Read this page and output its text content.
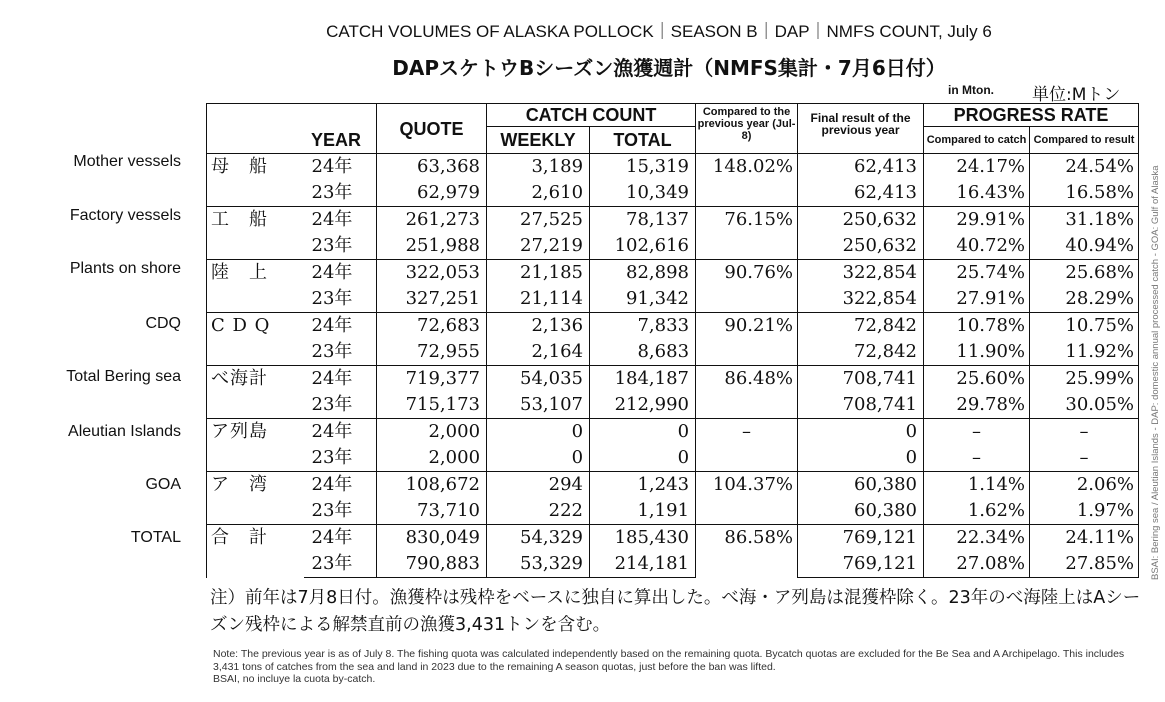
CATCH VOLUMES OF ALASKA POLLOCK｜SEASON B｜DAP｜NMFS COUNT, July 6
DAPスケトウBシーズン漁獲週計（NMFS集計・7月6日付）
in Mton. 単位:Mトン
Mother vessels
Factory vessels
Plants on shore
CDQ
Total Bering sea
Aleutian Islands
GOA
TOTAL
YEAR		QUOTE	CATCH COUNT		Compared to the previous year (Jul-8)	Final result of the previous year	PROGRESS RATE	
			WEEKLY	TOTAL			Compared to catch	Compared to result
母　船	24年	63,368	3,189	15,319	148.02%	62,413	24.17%	24.54%
	23年	62,979	2,610	10,349		62,413	16.43%	16.58%
工　船	24年	261,273	27,525	78,137	76.15%	250,632	29.91%	31.18%
	23年	251,988	27,219	102,616		250,632	40.72%	40.94%
陸　上	24年	322,053	21,185	82,898	90.76%	322,854	25.74%	25.68%
	23年	327,251	21,114	91,342		322,854	27.91%	28.29%
C D Q	24年	72,683	2,136	7,833	90.21%	72,842	10.78%	10.75%
	23年	72,955	2,164	8,683		72,842	11.90%	11.92%
べ海計	24年	719,377	54,035	184,187	86.48%	708,741	25.60%	25.99%
	23年	715,173	53,107	212,990		708,741	29.78%	30.05%
ア列島	24年	2,000	0	0	–	0	–	–
	23年	2,000	0	0		0	–	–
ア　湾	24年	108,672	294	1,243	104.37%	60,380	1.14%	2.06%
	23年	73,710	222	1,191		60,380	1.62%	1.97%
合　計	24年	830,049	54,329	185,430	86.58%	769,121	22.34%	24.11%
	23年	790,883	53,329	214,181		769,121	27.08%	27.85% BSAI: Bering sea / Aleutian Islands - DAP: domestic annual processed catch - GOA: Gulf of Alaska
注）前年は7月8日付。漁獲枠は残枠をベースに独自に算出した。べ海・ア列島は混獲枠除く。23年のべ海陸上はAシーズン残枠による解禁直前の漁獲3,431トンを含む。
Note: The previous year is as of July 8. The fishing quota was calculated independently based on the remaining quota. Bycatch quotas are excluded for the Be Sea and A Archipelago. This includes 3,431 tons of catches from the sea and land in 2023 due to the remaining A season quotas, just before the ban was lifted.
BSAI, no incluye la cuota by-catch.
